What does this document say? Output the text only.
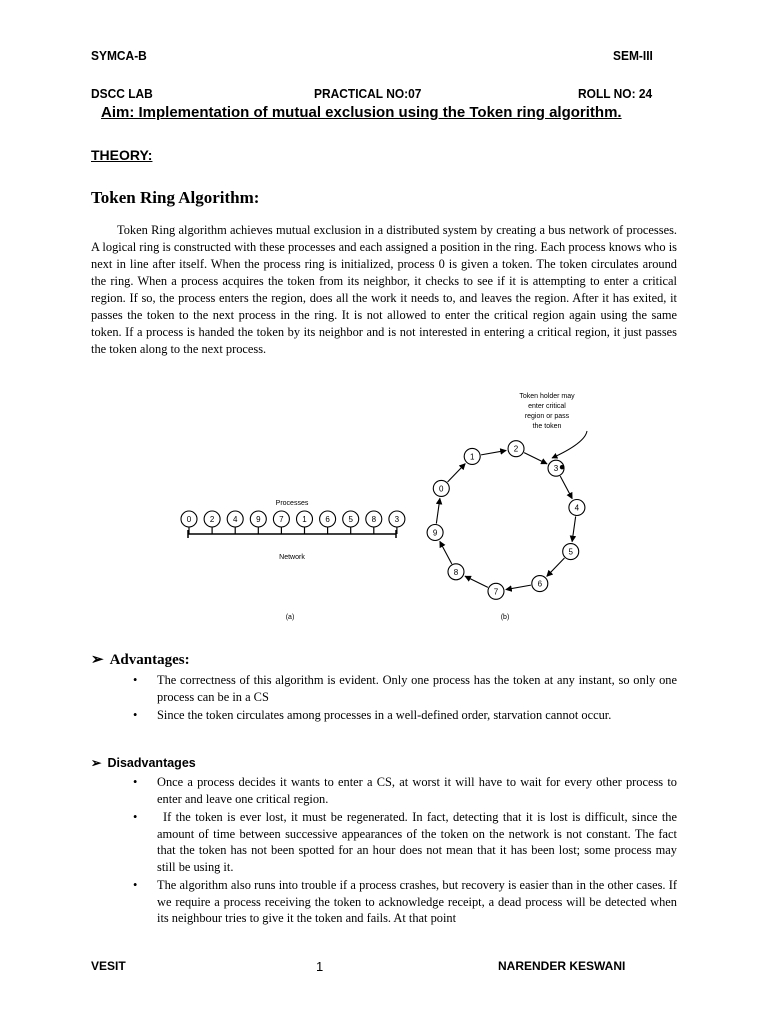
SYMCA-B	SEM-III
DSCC LAB	PRACTICAL NO:07	ROLL NO: 24
Aim: Implementation of mutual exclusion using the Token ring algorithm.
THEORY:
Token Ring Algorithm:

Token Ring algorithm achieves mutual exclusion in a distributed system by creating a bus network of processes. A logical ring is constructed with these processes and each assigned a position in the ring. Each process knows who is next in line after itself. When the process ring is initialized, process 0 is given a token. The token circulates around the ring. When a process acquires the token from its neighbor, it checks to see if it is attempting to enter a critical region. If so, the process enters the region, does all the work it needs to, and leaves the region. After it has exited, it passes the token to the next process in the ring. It is not allowed to enter the critical region again using the same token. If a process is handed the token by its neighbor and is not interested in entering a critical region, it just passes the token along to the next process.

Processes
0 2 4 9 7 1 6 5 8 3
Network
(a)
2
3
4
5
6
7
8
9
0
1
Token holder may
enter critical
region or pass
the token
(b)
➢ Advantages:
• The correctness of this algorithm is evident. Only one process has the token at any instant, so only one process can be in a CS
• Since the token circulates among processes in a well-defined order, starvation cannot occur.
➢ Disadvantages
• Once a process decides it wants to enter a CS, at worst it will have to wait for every other process to enter and leave one critical region.
• If the token is ever lost, it must be regenerated. In fact, detecting that it is lost is difficult, since the amount of time between successive appearances of the token on the network is not constant. The fact that the token has not been spotted for an hour does not mean that it has been lost; some process may still be using it.
• The algorithm also runs into trouble if a process crashes, but recovery is easier than in the other cases. If we require a process receiving the token to acknowledge receipt, a dead process will be detected when its neighbour tries to give it the token and fails. At that point
VESIT	1	NARENDER KESWANI
